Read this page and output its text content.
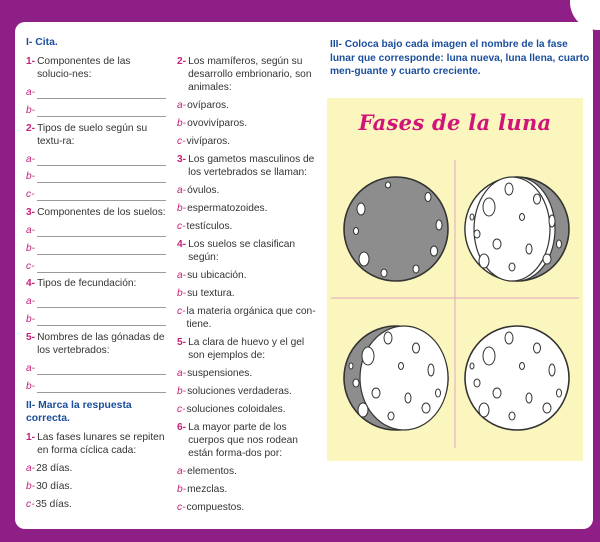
I- Cita.
1- Componentes de las solucio-nes:
a-
b-
2- Tipos de suelo según su textu-ra:
a-
b-
c-
3- Componentes de los suelos:
a-
b-
c-
4- Tipos de fecundación:
a-
b-
5- Nombres de las gónadas de los vertebrados:
a-
b-
II- Marca la respuesta correcta.
1- Las fases lunares se repiten en forma cíclica cada:
a- 28 días.
b- 30 días.
c- 35 días.
2- Los mamíferos, según su desarrollo embrionario, son animales:
a- ovíparos.
b- ovovivíparos.
c- vivíparos.
3- Los gametos masculinos de los vertebrados se llaman:
a- óvulos.
b- espermatozoides.
c- testículos.
4- Los suelos se clasifican según:
a- su ubicación.
b- su textura.
c- la materia orgánica que con-tiene.
5- La clara de huevo y el gel son ejemplos de:
a- suspensiones.
b- soluciones verdaderas.
c- soluciones coloidales.
6- La mayor parte de los cuerpos que nos rodean están forma-dos por:
a- elementos.
b- mezclas.
c- compuestos.
III- Coloca bajo cada imagen el nombre de la fase lunar que corresponde: luna nueva, luna llena, cuarto men-guante y cuarto creciente.
Fases de la luna
